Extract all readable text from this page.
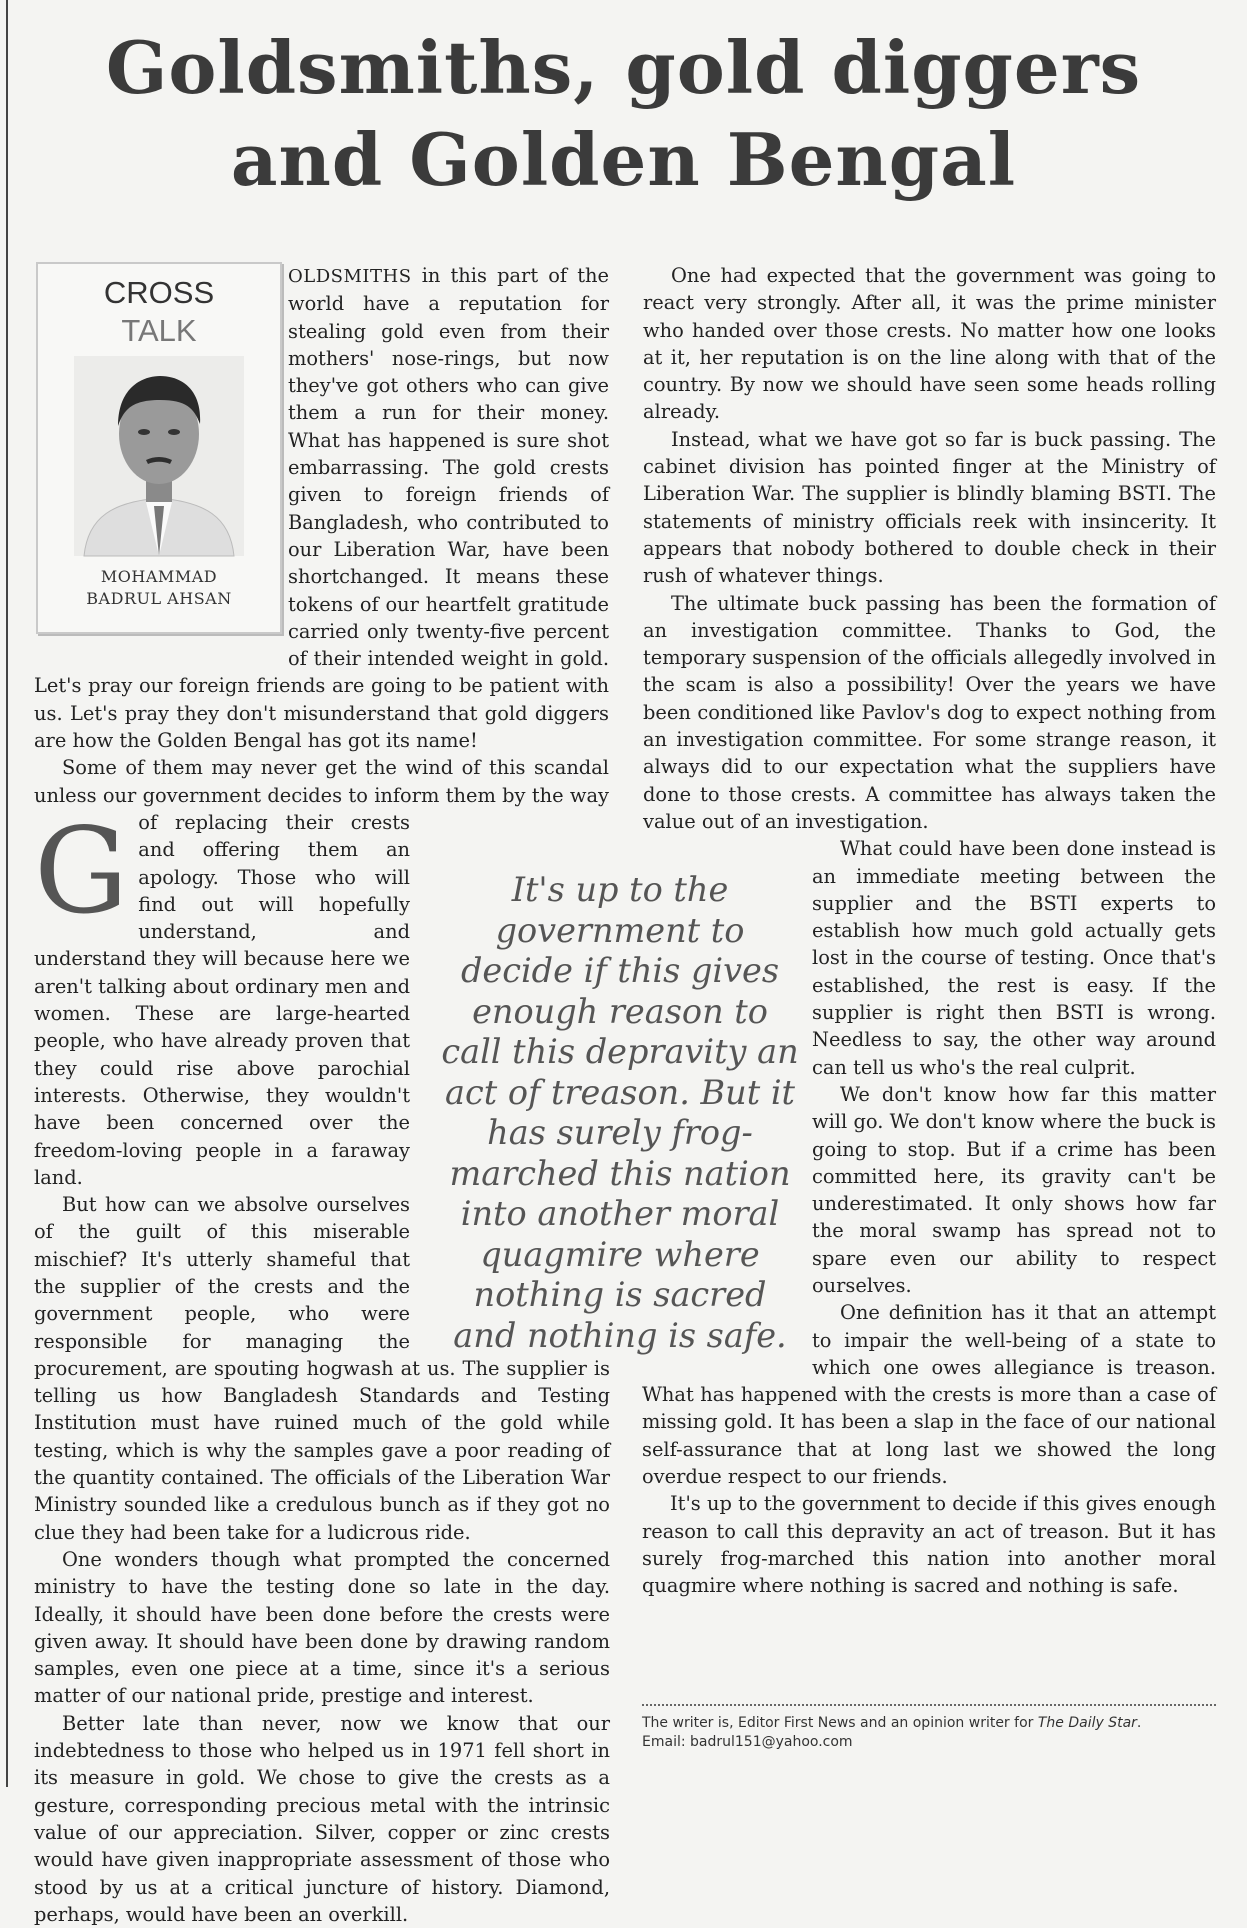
Goldsmiths, gold diggers
and Golden Bengal
CROSS
TALK
MOHAMMAD
BADRUL AHSAN

G
OLDSMITHS in this part of the world have a reputation for stealing gold even from their mothers' nose-rings, but now they've got others who can give them a run for their money. What has happened is sure shot embarrassing. The gold crests given to foreign friends of Bangladesh, who contributed to our Liberation War, have been shortchanged. It means these tokens of our heartfelt gratitude carried only twenty-five percent of their intended weight in gold. Let's pray our foreign friends are going to be patient with us. Let's pray they don't misunderstand that gold diggers are how the Golden Bengal has got its name!

Some of them may never get the wind of this scandal unless our government decides to inform them by the way of replacing their crests and offering them an apology. Those who will find out will hopefully understand, and understand they will because here we aren't talking about ordinary men and women. These are large-hearted people, who have already proven that they could rise above parochial interests. Otherwise, they wouldn't have been concerned over the freedom-loving people in a faraway land.

But how can we absolve ourselves of the guilt of this miserable mischief? It's utterly shameful that the supplier of the crests and the government people, who were responsible for managing the procurement, are spouting hogwash at us. The supplier is telling us how Bangladesh Standards and Testing Institution must have ruined much of the gold while testing, which is why the samples gave a poor reading of the quantity contained. The officials of the Liberation War Ministry sounded like a credulous bunch as if they got no clue they had been take for a ludicrous ride.

One wonders though what prompted the concerned ministry to have the testing done so late in the day. Ideally, it should have been done before the crests were given away. It should have been done by drawing random samples, even one piece at a time, since it's a serious matter of our national pride, prestige and interest.

Better late than never, now we know that our indebtedness to those who helped us in 1971 fell short in its measure in gold. We chose to give the crests as a gesture, corresponding precious metal with the intrinsic value of our appreciation. Silver, copper or zinc crests would have given inappropriate assessment of those who stood by us at a critical juncture of history. Diamond, perhaps, would have been an overkill.

One had expected that the government was going to react very strongly. After all, it was the prime minister who handed over those crests. No matter how one looks at it, her reputation is on the line along with that of the country. By now we should have seen some heads rolling already.

Instead, what we have got so far is buck passing. The cabinet division has pointed finger at the Ministry of Liberation War. The supplier is blindly blaming BSTI. The statements of ministry officials reek with insincerity. It appears that nobody bothered to double check in their rush of whatever things.

The ultimate buck passing has been the formation of an investigation committee. Thanks to God, the temporary suspension of the officials allegedly involved in the scam is also a possibility! Over the years we have been conditioned like Pavlov's dog to expect nothing from an investigation committee. For some strange reason, it always did to our expectation what the suppliers have done to those crests. A committee has always taken the value out of an investigation.

What could have been done instead is an immediate meeting between the supplier and the BSTI experts to establish how much gold actually gets lost in the course of testing. Once that's established, the rest is easy. If the supplier is right then BSTI is wrong. Needless to say, the other way around can tell us who's the real culprit.

We don't know how far this matter will go. We don't know where the buck is going to stop. But if a crime has been committed here, its gravity can't be underestimated. It only shows how far the moral swamp has spread not to spare even our ability to respect ourselves.

One definition has it that an attempt to impair the well-being of a state to which one owes allegiance is treason. What has happened with the crests is more than a case of missing gold. It has been a slap in the face of our national self-assurance that at long last we showed the long overdue respect to our friends.

It's up to the government to decide if this gives enough reason to call this depravity an act of treason. But it has surely frog-marched this nation into another moral quagmire where nothing is sacred and nothing is safe.

It's up to the government to decide if this gives enough reason to call this depravity an act of treason. But it has surely frog-marched this nation into another moral quagmire where nothing is sacred and nothing is safe.

The writer is, Editor First News and an opinion writer for The Daily Star.
Email: badrul151@yahoo.com
